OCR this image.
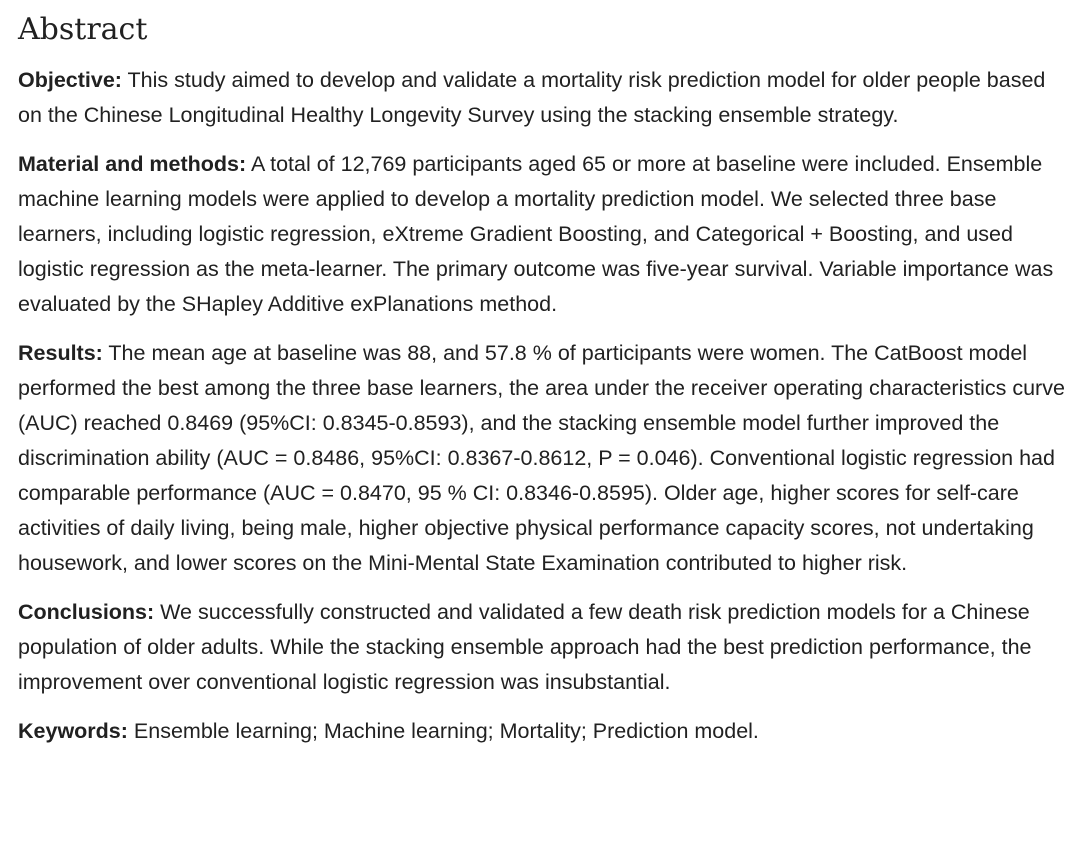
Abstract

Objective: This study aimed to develop and validate a mortality risk prediction model for older people based on the Chinese Longitudinal Healthy Longevity Survey using the stacking ensemble strategy.

Material and methods: A total of 12,769 participants aged 65 or more at baseline were included. Ensemble machine learning models were applied to develop a mortality prediction model. We selected three base learners, including logistic regression, eXtreme Gradient Boosting, and Categorical + Boosting, and used logistic regression as the meta-learner. The primary outcome was five-year survival. Variable importance was evaluated by the SHapley Additive exPlanations method.

Results: The mean age at baseline was 88, and 57.8 % of participants were women. The CatBoost model performed the best among the three base learners, the area under the receiver operating characteristics curve (AUC) reached 0.8469 (95%CI: 0.8345-0.8593), and the stacking ensemble model further improved the discrimination ability (AUC = 0.8486, 95%CI: 0.8367-0.8612, P = 0.046). Conventional logistic regression had comparable performance (AUC = 0.8470, 95 % CI: 0.8346-0.8595). Older age, higher scores for self-care activities of daily living, being male, higher objective physical performance capacity scores, not undertaking housework, and lower scores on the Mini-Mental State Examination contributed to higher risk.

Conclusions: We successfully constructed and validated a few death risk prediction models for a Chinese population of older adults. While the stacking ensemble approach had the best prediction performance, the improvement over conventional logistic regression was insubstantial.

Keywords: Ensemble learning; Machine learning; Mortality; Prediction model.
